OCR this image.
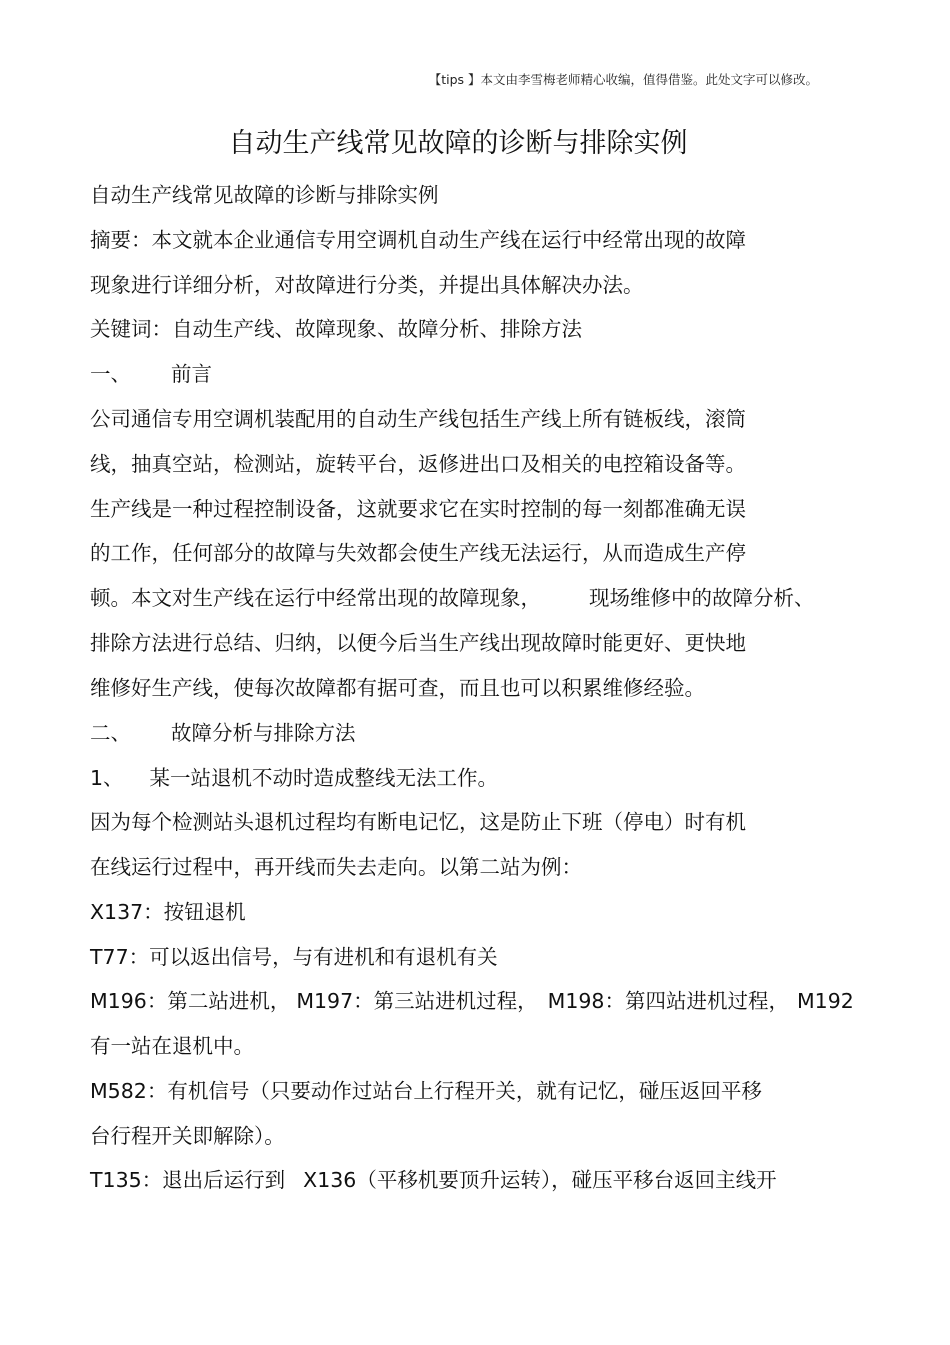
【tips 】本文由李雪梅老师精心收编，值得借鉴。此处文字可以修改。
自动生产线常见故障的诊断与排除实例
自动生产线常见故障的诊断与排除实例
摘要：本文就本企业通信专用空调机自动生产线在运行中经常出现的故障
现象进行详细分析，对故障进行分类，并提出具体解决办法。
关键词：自动生产线、故障现象、故障分析、排除方法
一、 前言
公司通信专用空调机装配用的自动生产线包括生产线上所有链板线，滚筒
线，抽真空站，检测站，旋转平台，返修进出口及相关的电控箱设备等。
生产线是一种过程控制设备，这就要求它在实时控制的每一刻都准确无误
的工作，任何部分的故障与失效都会使生产线无法运行，从而造成生产停
顿。本文对生产线在运行中经常出现的故障现象， 现场维修中的故障分析、
排除方法进行总结、归纳，以便今后当生产线出现故障时能更好、更快地
维修好生产线，使每次故障都有据可查，而且也可以积累维修经验。
二、 故障分析与排除方法
1、 某一站退机不动时造成整线无法工作。
因为每个检测站头退机过程均有断电记忆，这是防止下班（停电）时有机
在线运行过程中，再开线而失去走向。以第二站为例：
X137：按钮退机
T77：可以返出信号，与有进机和有退机有关
M196：第二站进机， M197：第三站进机过程， M198：第四站进机过程， M192
有一站在退机中。
M582：有机信号（只要动作过站台上行程开关，就有记忆，碰压返回平移
台行程开关即解除）。
T135：退出后运行到 X136（平移机要顶升运转），碰压平移台返回主线开
